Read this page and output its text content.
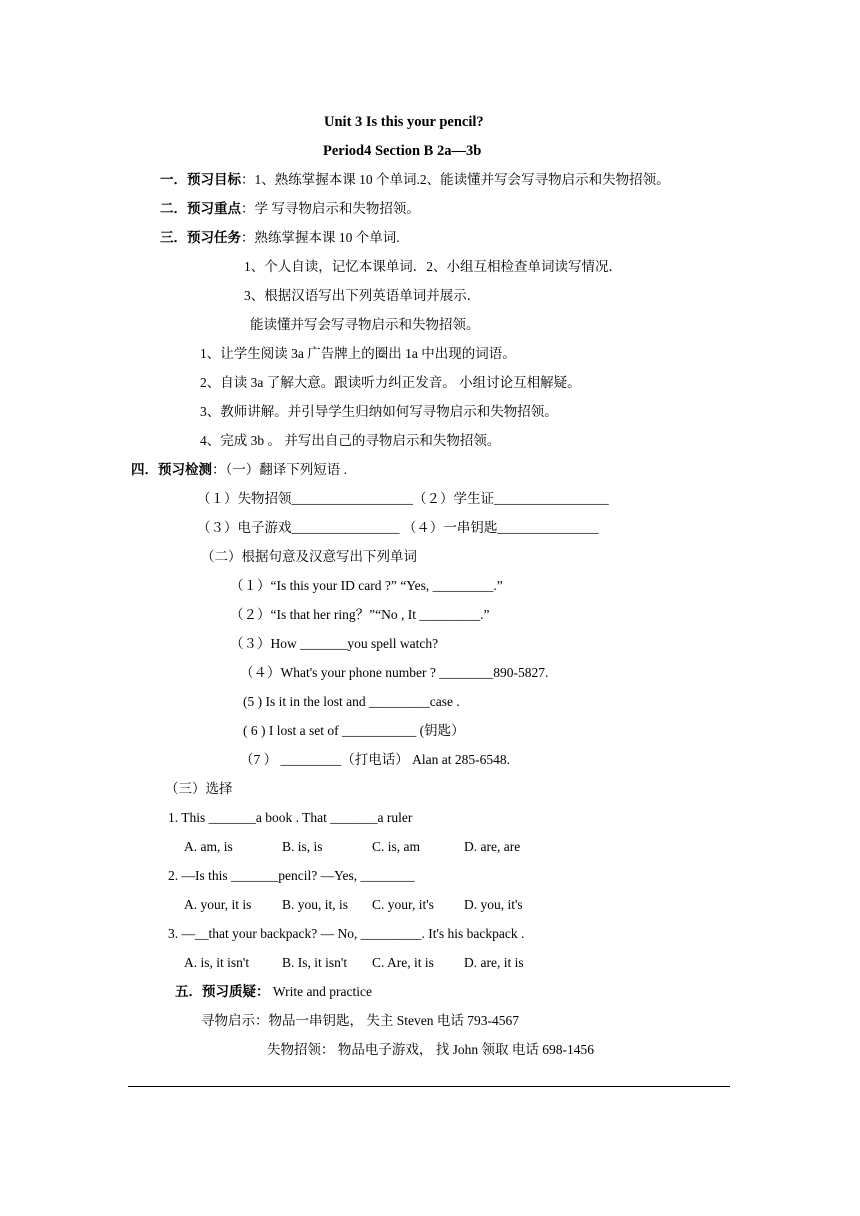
Unit 3 Is this your pencil?
Period4 Section B 2a—3b
一．预习目标：1、熟练掌握本课 10 个单词.2、能读懂并写会写寻物启示和失物招领。
二．预习重点：学 写寻物启示和失物招领。
三．预习任务：熟练掌握本课 10 个单词.
1、个人自读，记忆本课单词．2、小组互相检查单词读写情况．
3、根据汉语写出下列英语单词并展示．
能读懂并写会写寻物启示和失物招领。
1、让学生阅读 3a 广告牌上的圈出 1a 中出现的词语。
2、自读 3a 了解大意。跟读听力纠正发音。 小组讨论互相解疑。
3、教师讲解。并引导学生归纳如何写寻物启示和失物招领。
4、完成 3b 。 并写出自己的寻物启示和失物招领。
四．预习检测：（一）翻译下列短语 .
（１）失物招领__________________（２）学生证_________________
（３）电子游戏________________ （４）一串钥匙_______________
（二）根据句意及汉意写出下列单词
（１）“Is this your ID card ?” “Yes, _________.”
（２）“Is that her ring？”“No , It _________.”
（３）How _______you spell watch?
（４）What's your phone number ? ________890-5827.
(5 ) Is it in the lost and _________case .
( 6 ) I lost a set of ___________ (钥匙）
（7 ） _________（打电话） Alan at 285-6548.
（三）选择
1. This _______a book . That _______a ruler
A. am, is	B. is, is	C. is, am	D. are, are
2. —Is this _______pencil? —Yes, ________
A. your, it is B. you, it, is C. your, it's D. you, it's
3. —__that your backpack? — No, _________. It's his backpack .
A. is, it isn't B. Is, it isn't C. Are, it is D. are, it is
五．预习质疑： Write and practice
寻物启示：物品一串钥匙， 失主 Steven 电话 793-4567
失物招领： 物品电子游戏， 找 John 领取 电话 698-1456
